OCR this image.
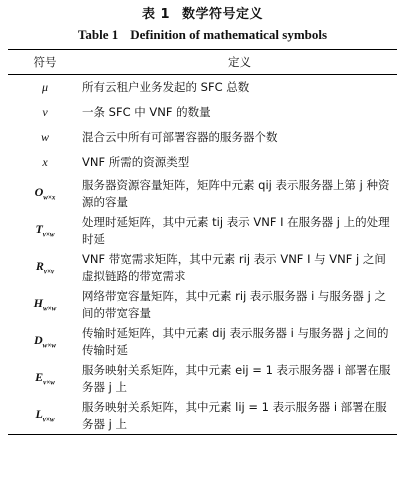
表 1 数学符号定义
Table 1 Definition of mathematical symbols
符号	定义
μ	所有云租户业务发起的 SFC 总数
v	一条 SFC 中 VNF 的数量
w	混合云中所有可部署容器的服务器个数
x	VNF 所需的资源类型
$O_{w\times x}$	服务器资源容量矩阵，矩阵中元素 qij 表示服务器上第 j 种资源的容量
$T_{v\times w}$	处理时延矩阵，其中元素 tij 表示 VNF I 在服务器 j 上的处理时延
$R_{v\times v}$	VNF 带宽需求矩阵，其中元素 rij 表示 VNF I 与 VNF j 之间虚拟链路的带宽需求
$H_{w\times w}$	网络带宽容量矩阵，其中元素 rij 表示服务器 i 与服务器 j 之间的带宽容量
$D_{w\times w}$	传输时延矩阵，其中元素 dij 表示服务器 i 与服务器 j 之间的传输时延
$E_{v\times w}$	服务映射关系矩阵，其中元素 eij = 1 表示服务器 i 部署在服务器 j 上
$L_{v\times w}$	服务映射关系矩阵，其中元素 lij = 1 表示服务器 i 部署在服务器 j 上
